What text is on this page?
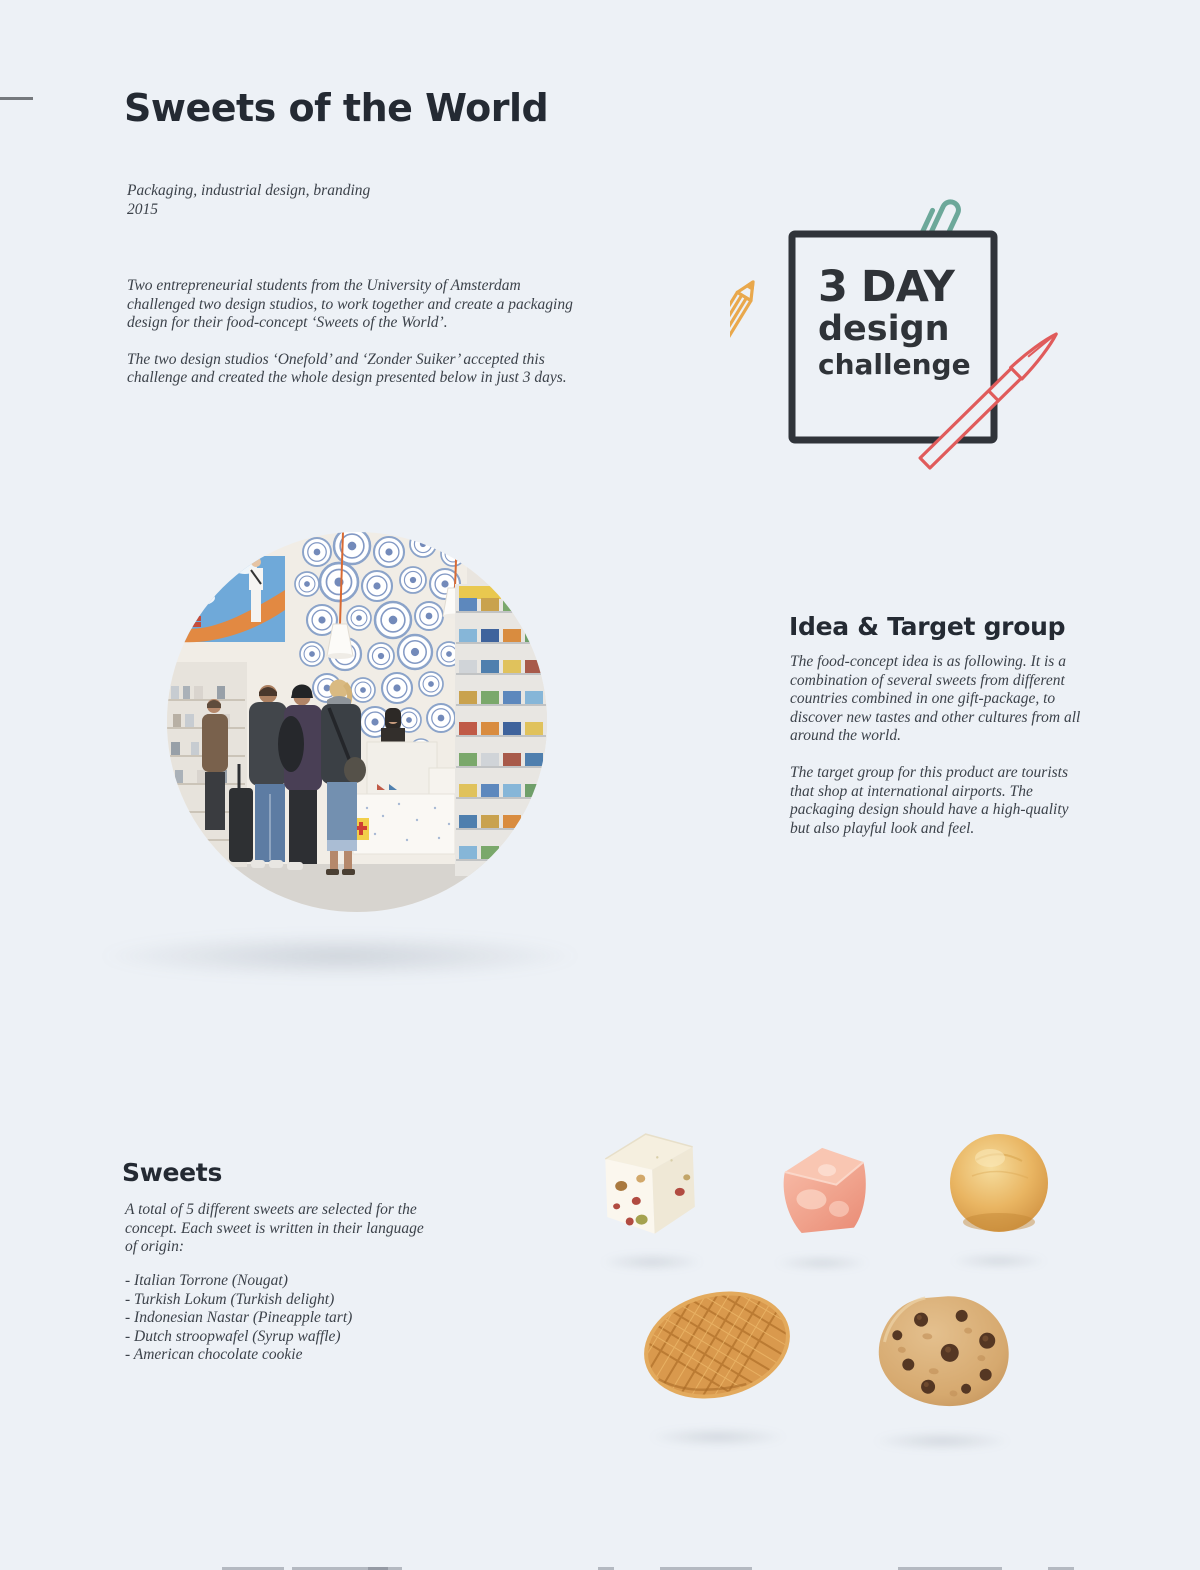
Sweets of the World
Packaging, industrial design, branding
2015
Two entrepreneurial students from the University of Amsterdam challenged two design studios, to work together and create a packaging design for their food-concept ‘Sweets of the World’.
The two design studios ‘Onefold’ and ‘Zonder Suiker’ accepted this challenge and created the whole design presented below in just 3 days.
3 DAY
design
challenge
Idea & Target group
The food-concept idea is as following. It is a combination of several sweets from different countries combined in one gift-package, to discover new tastes and other cultures from all around the world.
The target group for this product are tourists that shop at international airports. The packaging design should have a high-quality but also playful look and feel.
Sweets
A total of 5 different sweets are selected for the concept. Each sweet is written in their language of origin:
- Italian Torrone (Nougat)
- Turkish Lokum (Turkish delight)
- Indonesian Nastar (Pineapple tart)
- Dutch stroopwafel (Syrup waffle)
- American chocolate cookie
